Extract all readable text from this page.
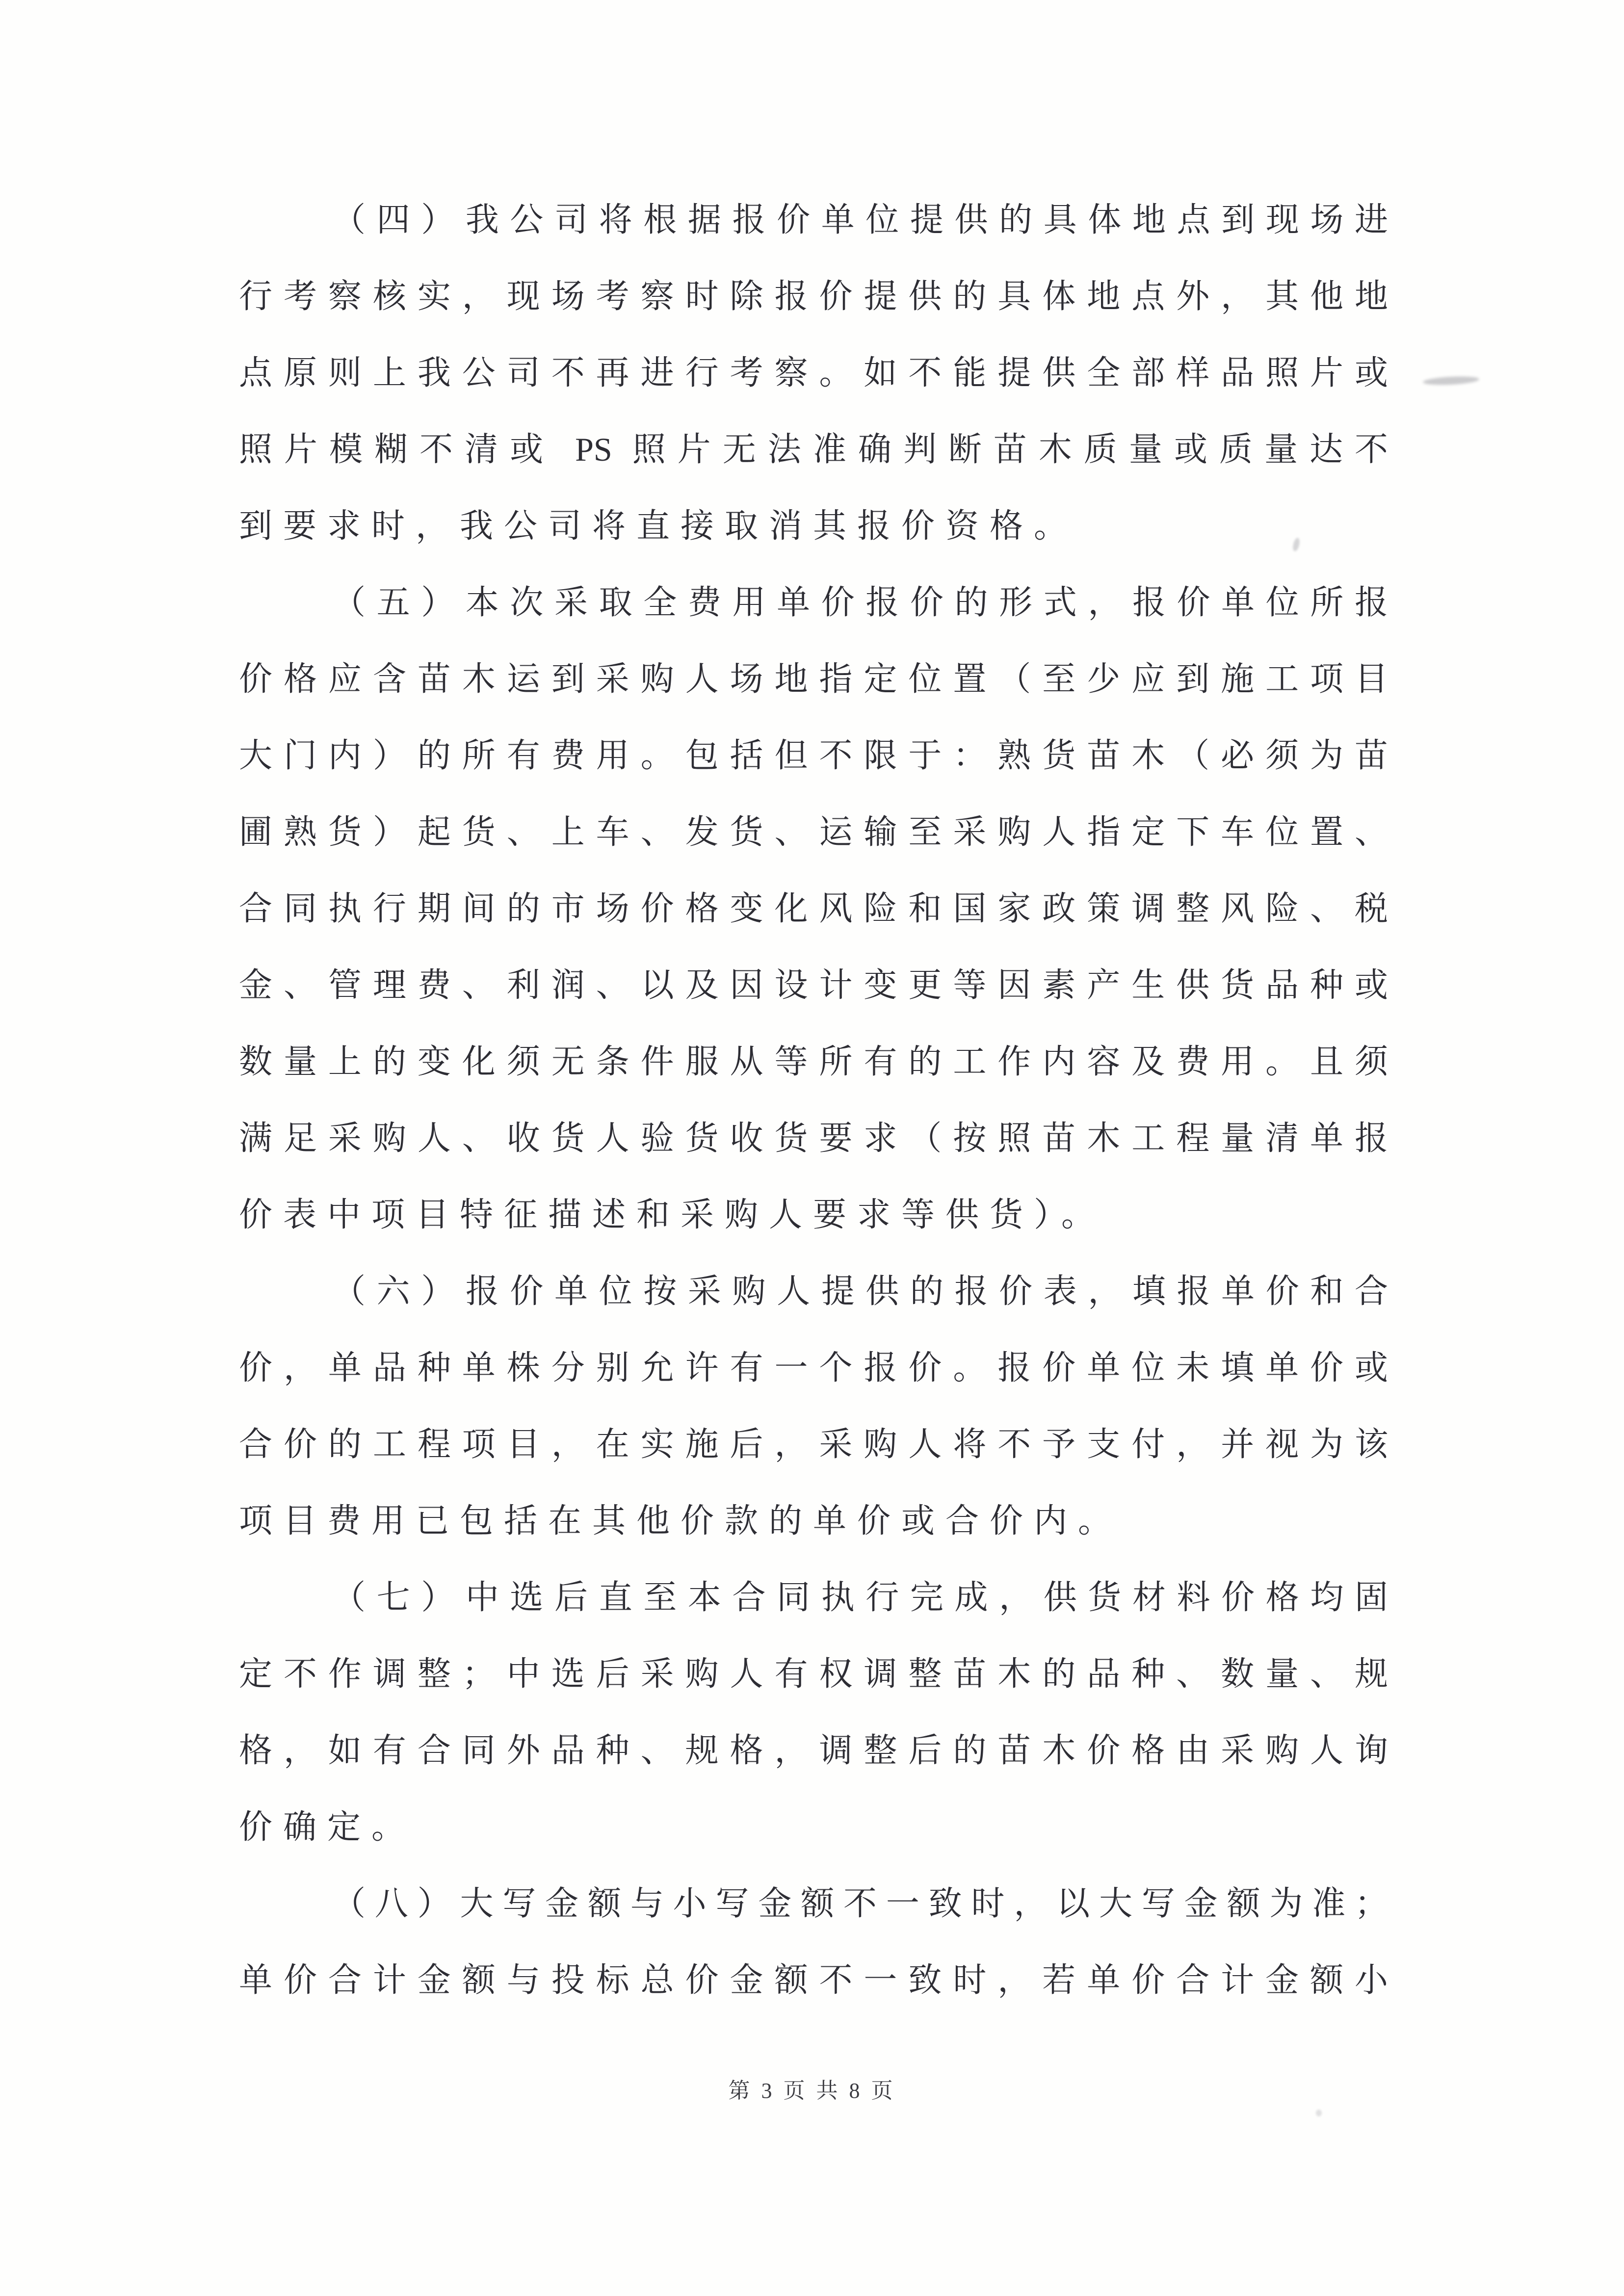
（四）我公司将根据报价单位提供的具体地点到现场进
行考察核实，现场考察时除报价提供的具体地点外，其他地
点原则上我公司不再进行考察。如不能提供全部样品照片或
照片模糊不清或 PS 照片无法准确判断苗木质量或质量达不
到要求时，我公司将直接取消其报价资格。
（五）本次采取全费用单价报价的形式，报价单位所报
价格应含苗木运到采购人场地指定位置（至少应到施工项目
大门内）的所有费用。包括但不限于：熟货苗木（必须为苗
圃熟货）起货、上车、发货、运输至采购人指定下车位置、
合同执行期间的市场价格变化风险和国家政策调整风险、税
金、管理费、利润、以及因设计变更等因素产生供货品种或
数量上的变化须无条件服从等所有的工作内容及费用。且须
满足采购人、收货人验货收货要求（按照苗木工程量清单报
价表中项目特征描述和采购人要求等供货）。
（六）报价单位按采购人提供的报价表，填报单价和合
价，单品种单株分别允许有一个报价。报价单位未填单价或
合价的工程项目，在实施后，采购人将不予支付，并视为该
项目费用已包括在其他价款的单价或合价内。
（七）中选后直至本合同执行完成，供货材料价格均固
定不作调整；中选后采购人有权调整苗木的品种、数量、规
格，如有合同外品种、规格，调整后的苗木价格由采购人询
价确定。
（八）大写金额与小写金额不一致时，以大写金额为准；
单价合计金额与投标总价金额不一致时，若单价合计金额小
第 3 页 共 8 页
